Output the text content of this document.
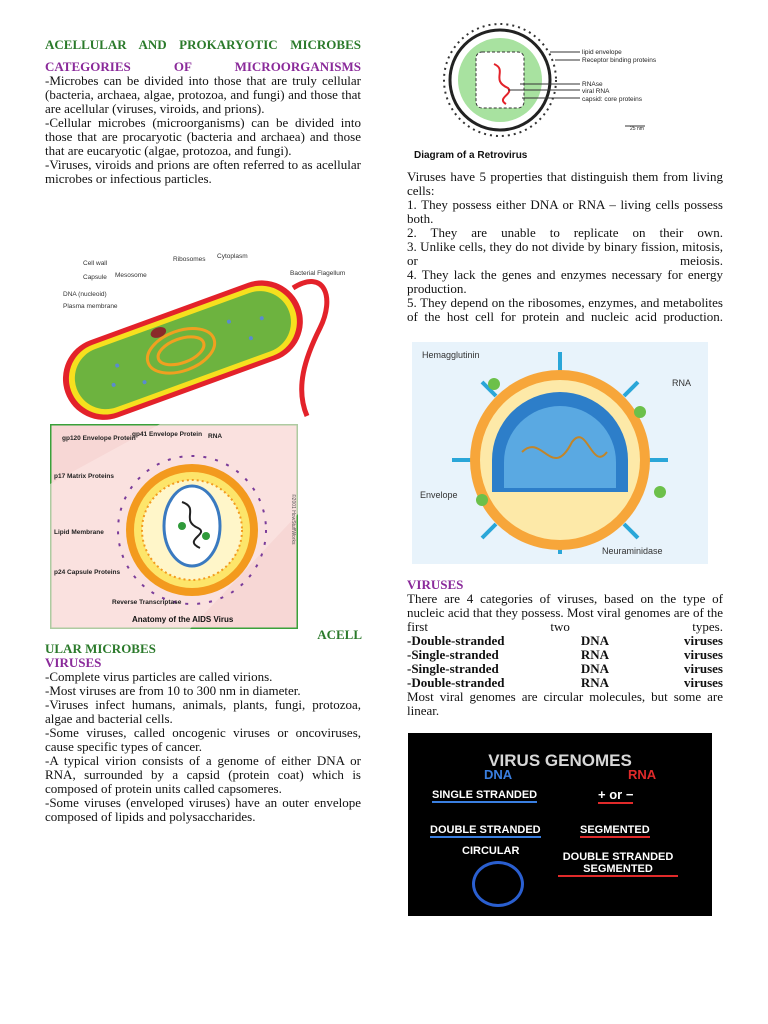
ACELLULAR AND PROKARYOTIC MICROBES
CATEGORIES OF MICROORGANISMS
-Microbes can be divided into those that are truly cellular (bacteria, archaea, algae, protozoa, and fungi) and those that are acellular (viruses, viroids, and prions).
-Cellular microbes (microorganisms) can be divided into those that are procaryotic (bacteria and archaea) and those that are eucaryotic (algae, protozoa, and fungi).
-Viruses, viroids and prions are often referred to as acellular microbes or infectious particles.
Cell wall
Capsule Mesosome
DNA (nucleoid)
Plasma membrane
Ribosomes Cytoplasm
Bacterial Flagellum
gp120 Envelope Protein
gp41 Envelope Protein RNA
p17 Matrix Proteins
Lipid Membrane
p24 Capsule Proteins
Reverse Transcriptase
Anatomy of the AIDS Virus
©2001 HowStuffWorks
ACELL
ULAR MICROBES
VIRUSES
-Complete virus particles are called virions.
-Most viruses are from 10 to 300 nm in diameter.
-Viruses infect humans, animals, plants, fungi, protozoa, algae and bacterial cells.
-Some viruses, called oncogenic viruses or oncoviruses, cause specific types of cancer.
-A typical virion consists of a genome of either DNA or RNA, surrounded by a capsid (protein coat) which is composed of protein units called capsomeres.
-Some viruses (enveloped viruses) have an outer envelope composed of lipids and polysaccharides.
lipid envelope
Receptor binding proteins
RNAse
viral RNA
capsid: core proteins
25 nm
Diagram of a Retrovirus
Viruses have 5 properties that distinguish them from living cells:
1. They possess either DNA or RNA – living cells possess both.
2. They are unable to replicate on their own.
3. Unlike cells, they do not divide by binary fission, mitosis, or meiosis.
4. They lack the genes and enzymes necessary for energy production.
5. They depend on the ribosomes, enzymes, and metabolites of the host cell for protein and nucleic acid production.
Hemagglutinin
RNA
Envelope
Neuraminidase
VIRUSES
There are 4 categories of viruses, based on the type of nucleic acid that they possess. Most viral genomes are of the first two types.
-Double-stranded	DNA	viruses
-Single-stranded	RNA	viruses
-Single-stranded	DNA	viruses
-Double-stranded	RNA	viruses
Most viral genomes are circular molecules, but some are linear.
VIRUS GENOMES
DNA	RNA
SINGLE STRANDED	+ or −
DOUBLE STRANDED	SEGMENTED
CIRCULAR	DOUBLE STRANDED
SEGMENTED
